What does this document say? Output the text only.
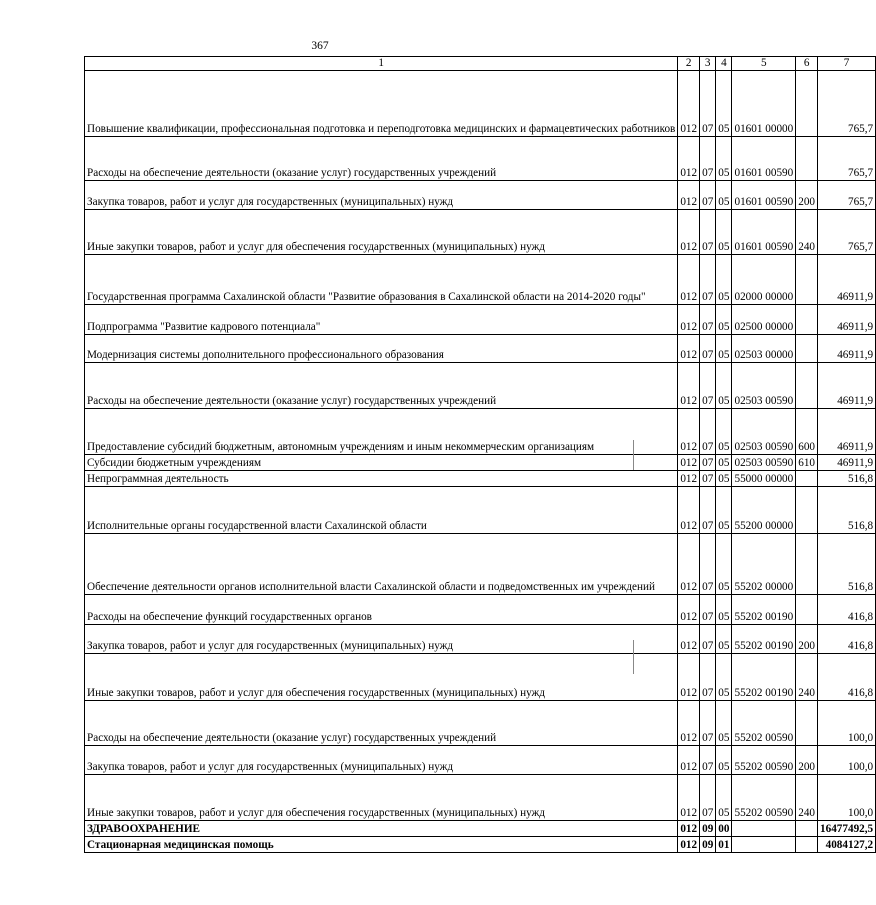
367
1	2	3	4	5	6	7
Повышение квалификации, профессиональная подготовка и переподготовка медицинских и фармацевтических работников	012	07	05	01601 00000		765,7
Расходы на обеспечение деятельности (оказание услуг) государственных учреждений	012	07	05	01601 00590		765,7
Закупка товаров, работ и услуг для государственных (муниципальных) нужд	012	07	05	01601 00590	200	765,7
Иные закупки товаров, работ и услуг для обеспечения государственных (муниципальных) нужд	012	07	05	01601 00590	240	765,7
Государственная программа Сахалинской области "Развитие образования в Сахалинской области на 2014-2020 годы"	012	07	05	02000 00000		46911,9
Подпрограмма "Развитие кадрового потенциала"	012	07	05	02500 00000		46911,9
Модернизация системы дополнительного профессионального образования	012	07	05	02503 00000		46911,9
Расходы на обеспечение деятельности (оказание услуг) государственных учреждений	012	07	05	02503 00590		46911,9
Предоставление субсидий бюджетным, автономным учреждениям и иным некоммерческим организациям	012	07	05	02503 00590	600	46911,9
Субсидии бюджетным учреждениям	012	07	05	02503 00590	610	46911,9
Непрограммная деятельность	012	07	05	55000 00000		516,8
Исполнительные органы государственной власти Сахалинской области	012	07	05	55200 00000		516,8
Обеспечение деятельности органов исполнительной власти Сахалинской области и подведомственных им учреждений	012	07	05	55202 00000		516,8
Расходы на обеспечение функций государственных органов	012	07	05	55202 00190		416,8
Закупка товаров, работ и услуг для государственных (муниципальных) нужд	012	07	05	55202 00190	200	416,8
Иные закупки товаров, работ и услуг для обеспечения государственных (муниципальных) нужд	012	07	05	55202 00190	240	416,8
Расходы на обеспечение деятельности (оказание услуг) государственных учреждений	012	07	05	55202 00590		100,0
Закупка товаров, работ и услуг для государственных (муниципальных) нужд	012	07	05	55202 00590	200	100,0
Иные закупки товаров, работ и услуг для обеспечения государственных (муниципальных) нужд	012	07	05	55202 00590	240	100,0
ЗДРАВООХРАНЕНИЕ	012	09	00			16477492,5
Стационарная медицинская помощь	012	09	01			4084127,2
